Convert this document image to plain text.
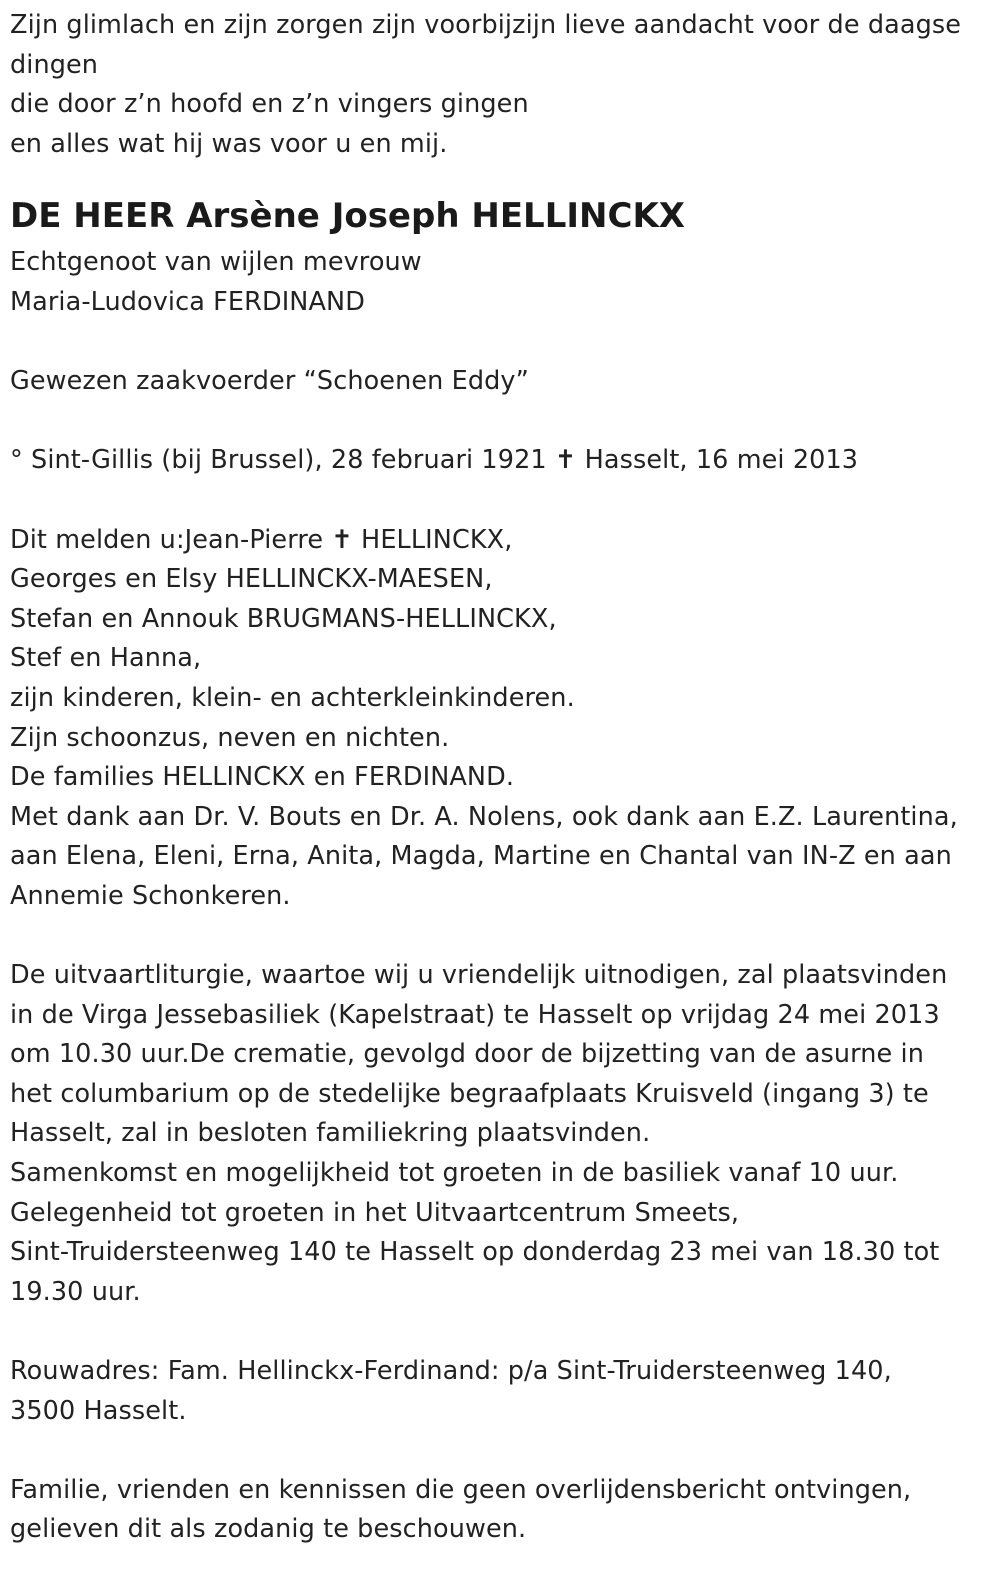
Zijn glimlach en zijn zorgen zijn voorbijzijn lieve aandacht voor de daagse
dingen
die door z’n hoofd en z’n vingers gingen
en alles wat hij was voor u en mij.
DE HEER Arsène Joseph HELLINCKX
Echtgenoot van wijlen mevrouw
Maria-Ludovica FERDINAND
Gewezen zaakvoerder “Schoenen Eddy”
° Sint-Gillis (bij Brussel), 28 februari 1921 ✝ Hasselt, 16 mei 2013
Dit melden u:Jean-Pierre ✝ HELLINCKX,
Georges en Elsy HELLINCKX-MAESEN,
Stefan en Annouk BRUGMANS-HELLINCKX,
Stef en Hanna,
zijn kinderen, klein- en achterkleinkinderen.
Zijn schoonzus, neven en nichten.
De families HELLINCKX en FERDINAND.
Met dank aan Dr. V. Bouts en Dr. A. Nolens, ook dank aan E.Z. Laurentina,
aan Elena, Eleni, Erna, Anita, Magda, Martine en Chantal van IN-Z en aan
Annemie Schonkeren.
De uitvaartliturgie, waartoe wij u vriendelijk uitnodigen, zal plaatsvinden
in de Virga Jessebasiliek (Kapelstraat) te Hasselt op vrijdag 24 mei 2013
om 10.30 uur.De crematie, gevolgd door de bijzetting van de asurne in
het columbarium op de stedelijke begraafplaats Kruisveld (ingang 3) te
Hasselt, zal in besloten familiekring plaatsvinden.
Samenkomst en mogelijkheid tot groeten in de basiliek vanaf 10 uur.
Gelegenheid tot groeten in het Uitvaartcentrum Smeets,
Sint-Truidersteenweg 140 te Hasselt op donderdag 23 mei van 18.30 tot
19.30 uur.
Rouwadres: Fam. Hellinckx-Ferdinand: p/a Sint-Truidersteenweg 140,
3500 Hasselt.
Familie, vrienden en kennissen die geen overlijdensbericht ontvingen,
gelieven dit als zodanig te beschouwen.
